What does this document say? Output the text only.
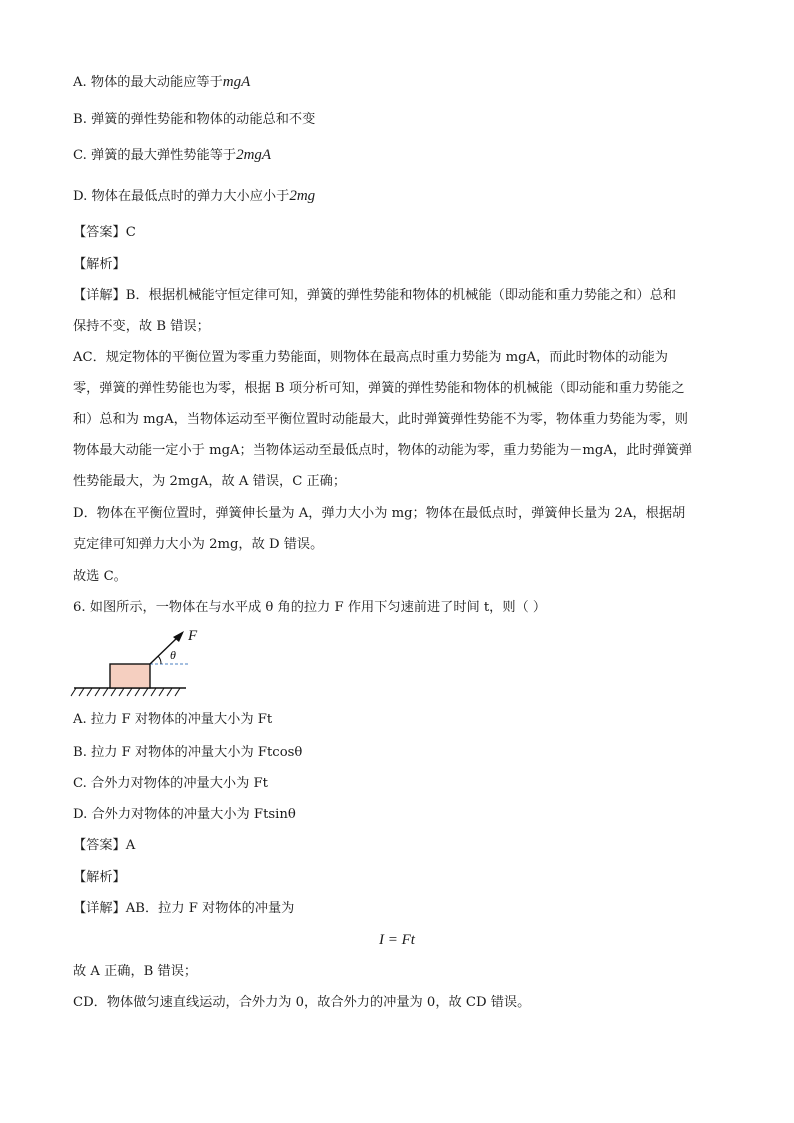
A. 物体的最大动能应等于mgA
B. 弹簧的弹性势能和物体的动能总和不变
C. 弹簧的最大弹性势能等于2mgA
D. 物体在最低点时的弹力大小应小于2mg
【答案】C
【解析】
【详解】B．根据机械能守恒定律可知，弹簧的弹性势能和物体的机械能（即动能和重力势能之和）总和
保持不变，故 B 错误；
AC．规定物体的平衡位置为零重力势能面，则物体在最高点时重力势能为 mgA，而此时物体的动能为
零，弹簧的弹性势能也为零，根据 B 项分析可知，弹簧的弹性势能和物体的机械能（即动能和重力势能之
和）总和为 mgA，当物体运动至平衡位置时动能最大，此时弹簧弹性势能不为零，物体重力势能为零，则
物体最大动能一定小于 mgA；当物体运动至最低点时，物体的动能为零，重力势能为－mgA，此时弹簧弹
性势能最大，为 2mgA，故 A 错误，C 正确；
D．物体在平衡位置时，弹簧伸长量为 A，弹力大小为 mg；物体在最低点时，弹簧伸长量为 2A，根据胡
克定律可知弹力大小为 2mg，故 D 错误。
故选 C。
6. 如图所示，一物体在与水平成 θ 角的拉力 F 作用下匀速前进了时间 t，则（ ）
F
θ
A. 拉力 F 对物体的冲量大小为 Ft
B. 拉力 F 对物体的冲量大小为 Ftcosθ
C. 合外力对物体的冲量大小为 Ft
D. 合外力对物体的冲量大小为 Ftsinθ
【答案】A
【解析】
【详解】AB．拉力 F 对物体的冲量为
I = Ft
故 A 正确，B 错误；
CD．物体做匀速直线运动，合外力为 0，故合外力的冲量为 0，故 CD 错误。
